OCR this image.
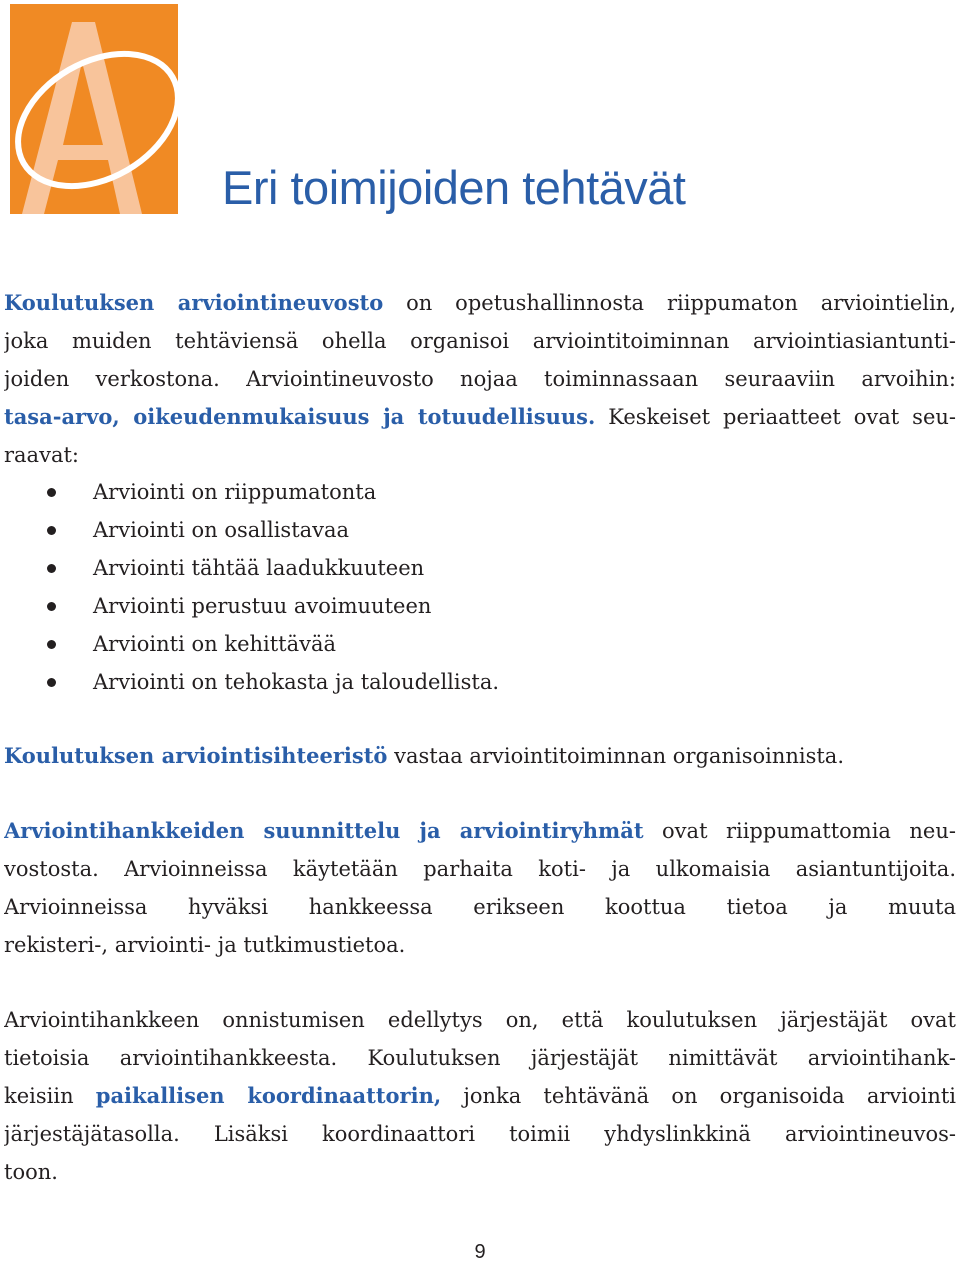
Eri toimijoiden tehtävät
Koulutuksen arviointineuvosto on opetushallinnosta riippumaton arviointielin,
joka muiden tehtäviensä ohella organisoi arviointitoiminnan arviointiasiantunti-
joiden verkostona. Arviointineuvosto nojaa toiminnassaan seuraaviin arvoihin:
tasa-arvo, oikeudenmukaisuus ja totuudellisuus. Keskeiset periaatteet ovat seu-
raavat:
Arviointi on riippumatonta
Arviointi on osallistavaa
Arviointi tähtää laadukkuuteen
Arviointi perustuu avoimuuteen
Arviointi on kehittävää
Arviointi on tehokasta ja taloudellista.
Koulutuksen arviointisihteeristö vastaa arviointitoiminnan organisoinnista.
Arviointihankkeiden suunnittelu ja arviointiryhmät ovat riippumattomia neu-
vostosta. Arvioinneissa käytetään parhaita koti- ja ulkomaisia asiantuntijoita.
Arvioinneissa hyväksi hankkeessa erikseen koottua tietoa ja muuta
rekisteri-, arviointi- ja tutkimustietoa.
Arviointihankkeen onnistumisen edellytys on, että koulutuksen järjestäjät ovat
tietoisia arviointihankkeesta. Koulutuksen järjestäjät nimittävät arviointihank-
keisiin paikallisen koordinaattorin, jonka tehtävänä on organisoida arviointi
järjestäjätasolla. Lisäksi koordinaattori toimii yhdyslinkkinä arviointineuvos-
toon.
9
